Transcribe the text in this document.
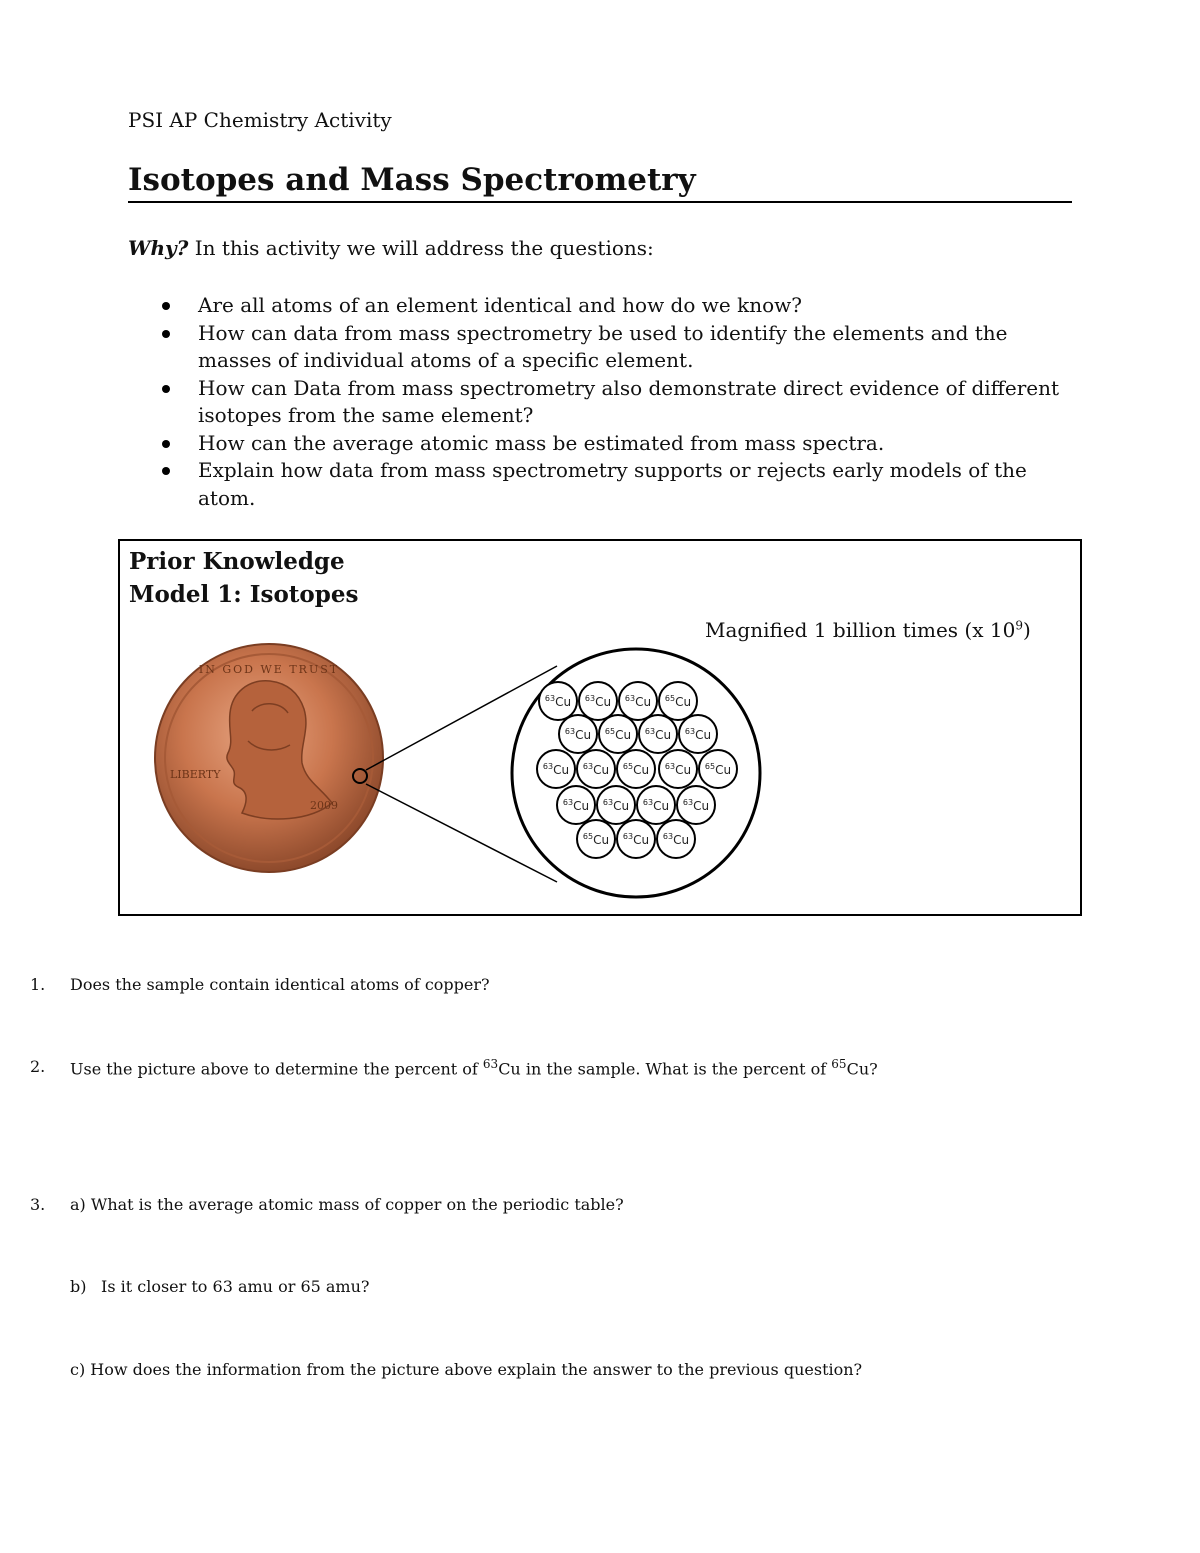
PSI AP Chemistry Activity
Isotopes and Mass Spectrometry
Why? In this activity we will address the questions:
Are all atoms of an element identical and how do we know?
How can data from mass spectrometry be used to identify the elements and the masses of individual atoms of a specific element.
How can Data from mass spectrometry also demonstrate direct evidence of different isotopes from the same element?
How can the average atomic mass be estimated from mass spectra.
Explain how data from mass spectrometry supports or rejects early models of the atom.
Prior Knowledge
Model 1: Isotopes
Magnified 1 billion times (x $10^9$)
IN GOD WE TRUST
LIBERTY
2009
$^{63}$Cu $^{63}$Cu $^{63}$Cu $^{65}$Cu
$^{63}$Cu $^{65}$Cu $^{63}$Cu $^{63}$Cu
$^{63}$Cu $^{63}$Cu $^{65}$Cu $^{63}$Cu $^{65}$Cu
$^{63}$Cu $^{63}$Cu $^{63}$Cu $^{63}$Cu
$^{65}$Cu $^{63}$Cu $^{63}$Cu
1. Does the sample contain identical atoms of copper?
2. Use the picture above to determine the percent of $^{63}$Cu in the sample. What is the percent of $^{65}$Cu?
3. a) What is the average atomic mass of copper on the periodic table?
b) Is it closer to 63 amu or 65 amu?
c) How does the information from the picture above explain the answer to the previous question?
